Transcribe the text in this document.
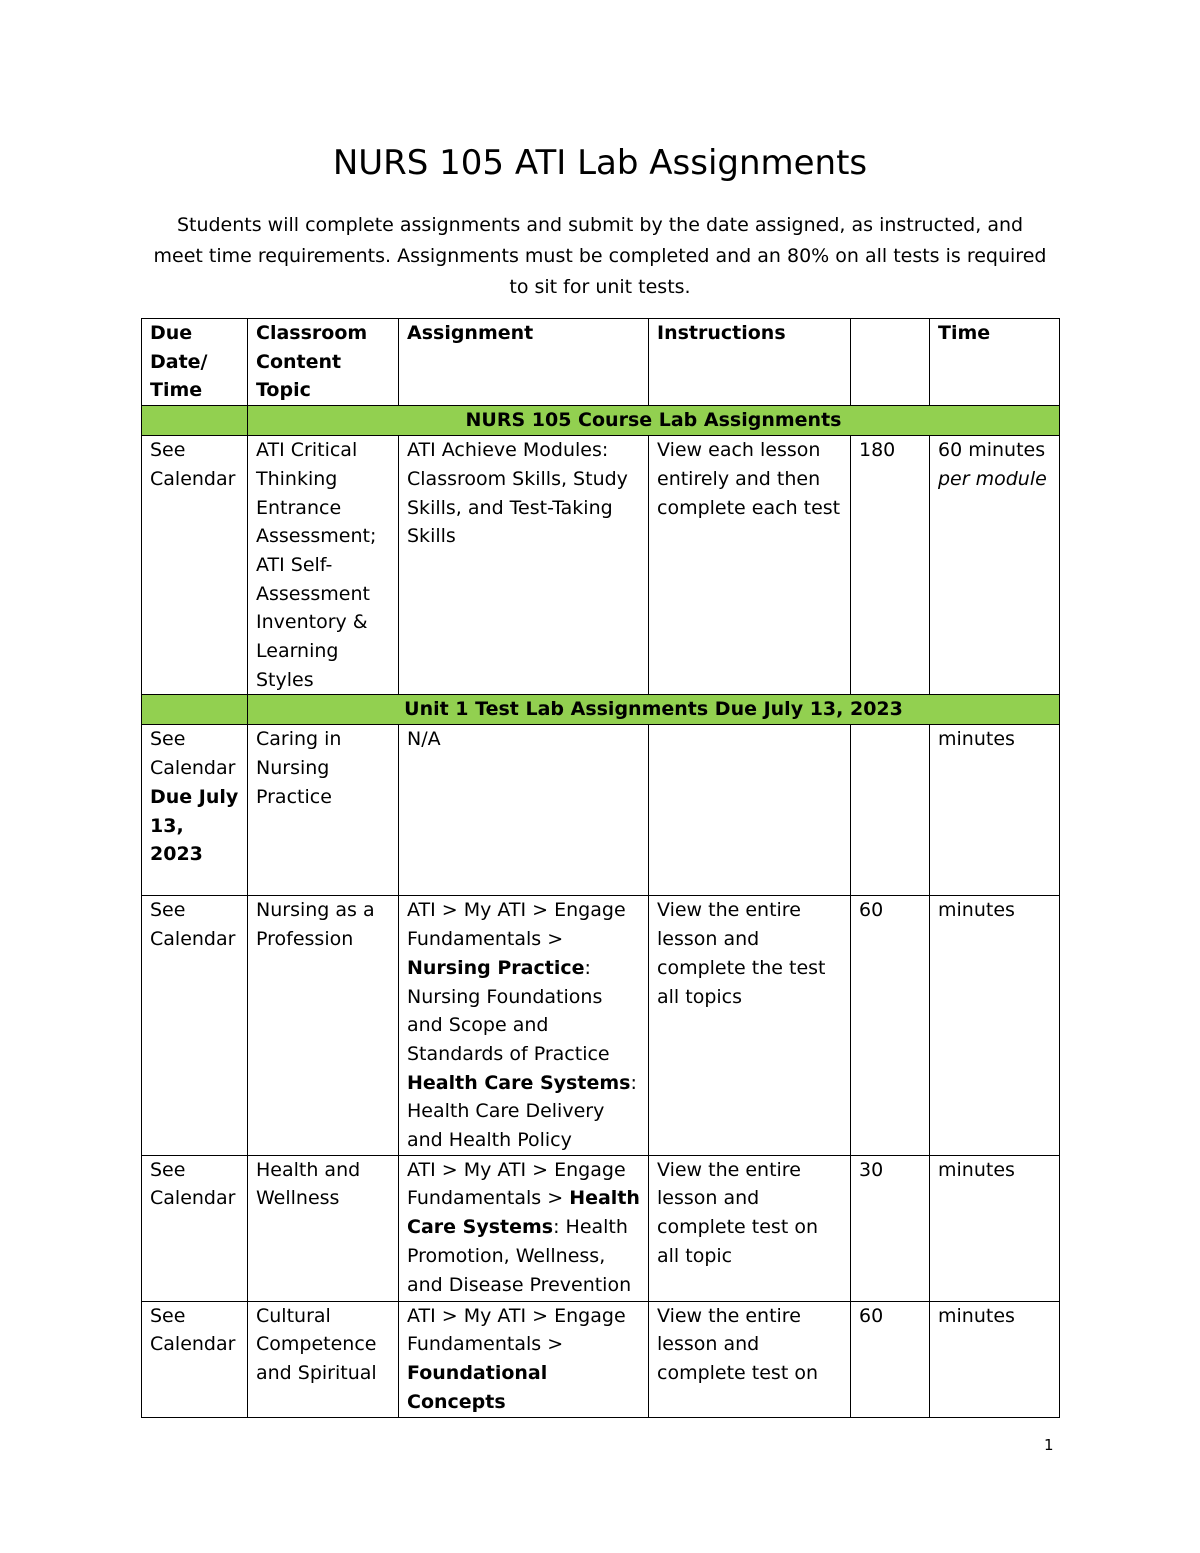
NURS 105 ATI Lab Assignments

Students will complete assignments and submit by the date assigned, as instructed, and meet time requirements. Assignments must be completed and an 80% on all tests is required to sit for unit tests.

Due Date/ Time	Classroom Content Topic	Assignment	Instructions		Time
	NURS 105 Course Lab Assignments				
See Calendar	ATI Critical Thinking Entrance Assessment; ATI Self-Assessment Inventory & Learning Styles	ATI Achieve Modules: Classroom Skills, Study Skills, and Test-Taking Skills	View each lesson entirely and then complete each test	180	60 minutes
per module
	Unit 1 Test Lab Assignments Due July 13, 2023				
See Calendar
Due July 13, 2023	Caring in Nursing Practice	N/A			minutes
See Calendar	Nursing as a Profession	ATI > My ATI > Engage Fundamentals > Nursing Practice: Nursing Foundations and Scope and Standards of Practice
Health Care Systems: Health Care Delivery and Health Policy	View the entire lesson and complete the test all topics	60	minutes
See Calendar	Health and Wellness	ATI > My ATI > Engage Fundamentals > Health Care Systems: Health Promotion, Wellness, and Disease Prevention	View the entire lesson and complete test on all topic	30	minutes
See Calendar	Cultural Competence and Spiritual	ATI > My ATI > Engage Fundamentals > Foundational Concepts	View the entire lesson and complete test on	60	minutes
1
